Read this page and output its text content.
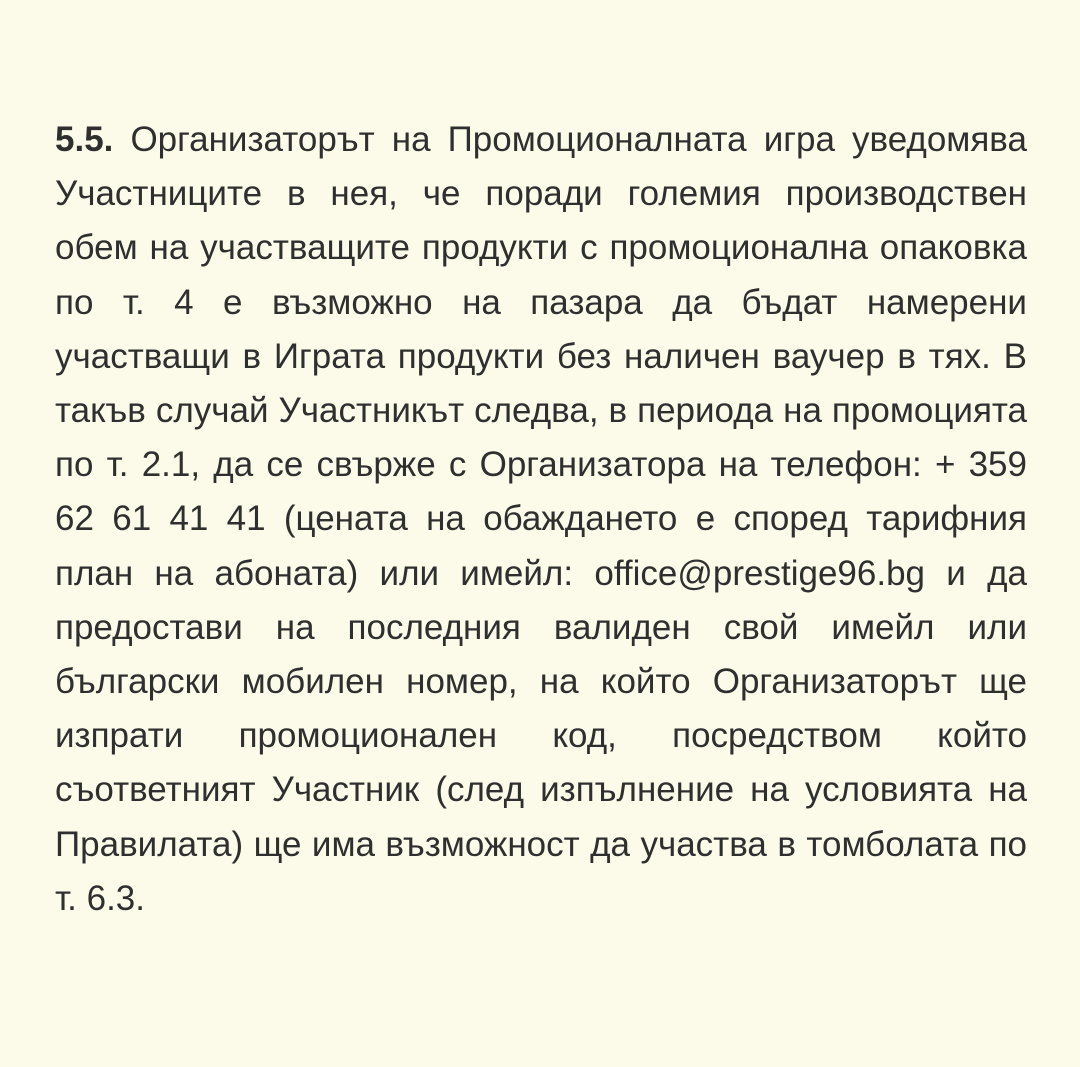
5.5. Организаторът на Промоционалната игра уведомява Участниците в нея, че поради големия производствен обем на участващите продукти с промоционална опаковка по т. 4 е възможно на пазара да бъдат намерени участващи в Играта продукти без наличен ваучер в тях. В такъв случай Участникът следва, в периода на промоцията по т. 2.1, да се свърже с Организатора на телефон: + 359 62 61 41 41 (цената на обаждането е според тарифния план на абоната) или имейл: office@prestige96.bg и да предостави на последния валиден свой имейл или български мобилен номер, на който Организаторът ще изпрати промоционален код, посредством който съответният Участник (след изпълнение на условията на Правилата) ще има възможност да участва в томболата по т. 6.3.
